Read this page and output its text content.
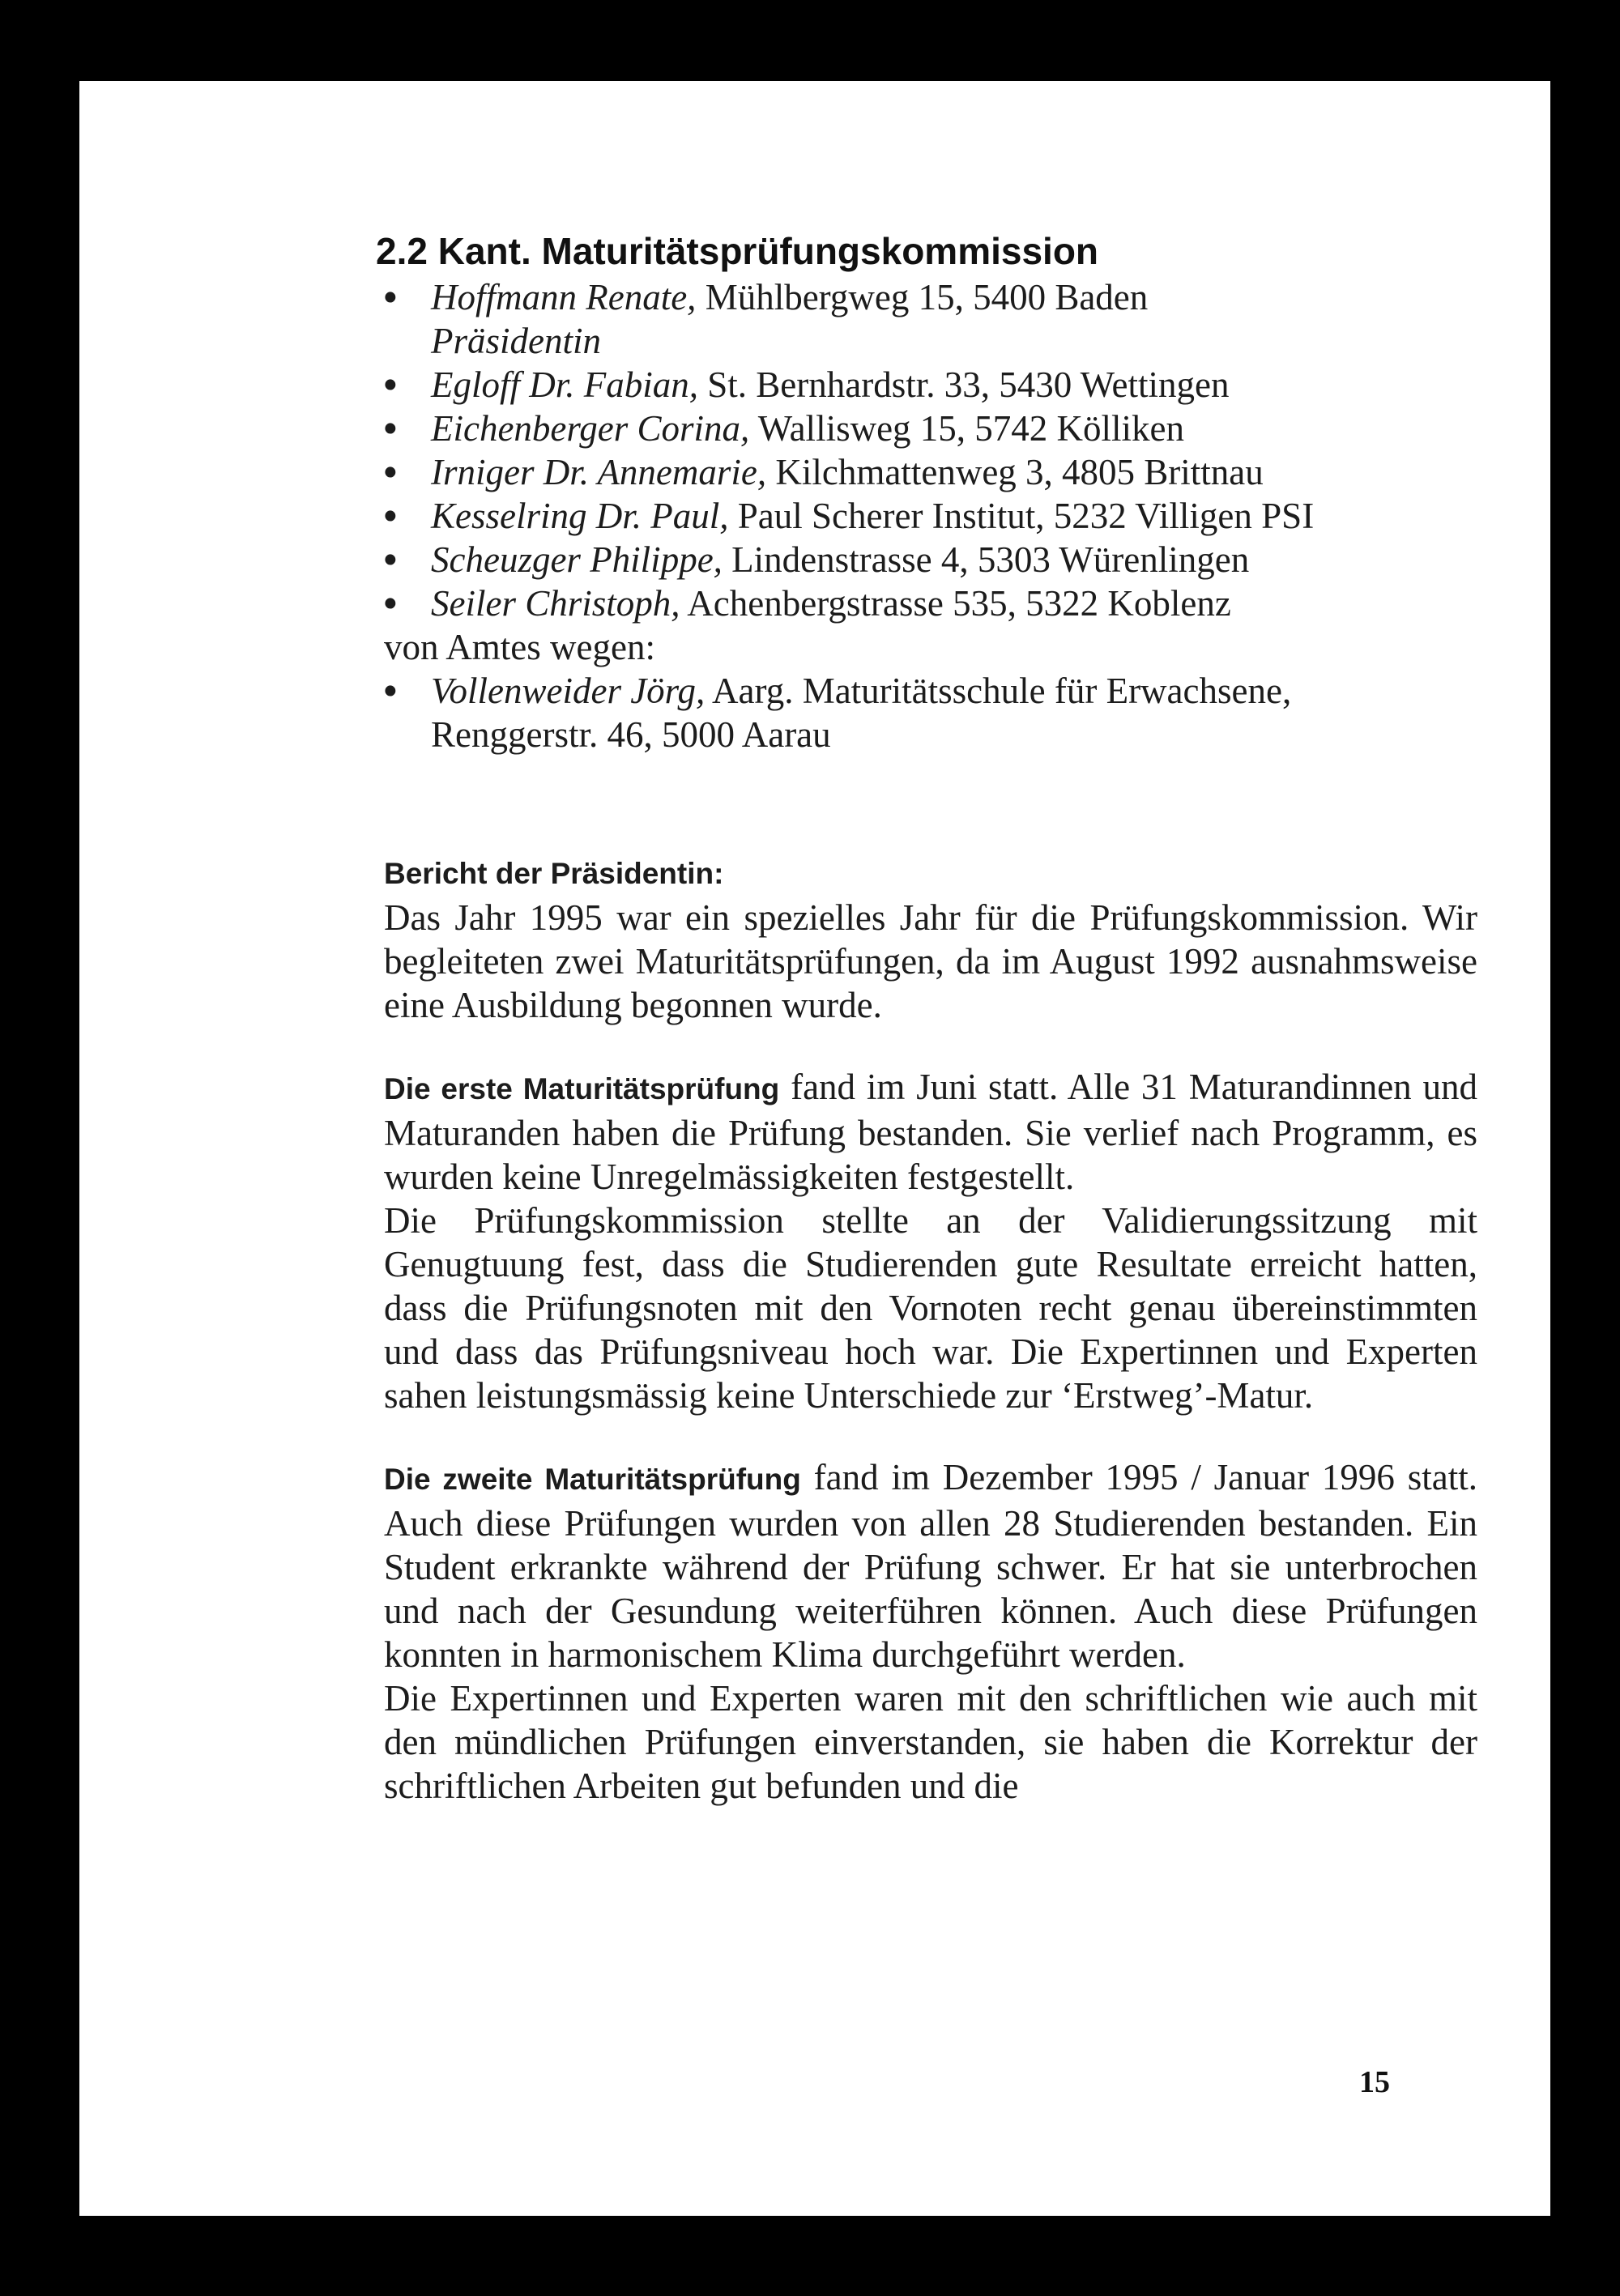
2.2 Kant. Maturitätsprüfungskommission
• Hoffmann Renate, Mühlbergweg 15, 5400 Baden
Präsidentin
• Egloff Dr. Fabian, St. Bernhardstr. 33, 5430 Wettingen
• Eichenberger Corina, Wallisweg 15, 5742 Kölliken
• Irniger Dr. Annemarie, Kilchmattenweg 3, 4805 Brittnau
• Kesselring Dr. Paul, Paul Scherer Institut, 5232 Villigen PSI
• Scheuzger Philippe, Lindenstrasse 4, 5303 Würenlingen
• Seiler Christoph, Achenbergstrasse 535, 5322 Koblenz
von Amtes wegen:
• Vollenweider Jörg, Aarg. Maturitätsschule für Erwachsene,
Renggerstr. 46, 5000 Aarau
Bericht der Präsidentin:

Das Jahr 1995 war ein spezielles Jahr für die Prüfungskommission. Wir begleiteten zwei Maturitätsprüfungen, da im August 1992 ausnahmsweise eine Ausbildung begonnen wurde.

Die erste Maturitätsprüfung fand im Juni statt. Alle 31 Maturandinnen und Maturanden haben die Prüfung bestanden. Sie verlief nach Programm, es wurden keine Unregelmässigkeiten festgestellt.

Die Prüfungskommission stellte an der Validierungssitzung mit Genugtuung fest, dass die Studierenden gute Resultate erreicht hatten, dass die Prüfungsnoten mit den Vornoten recht genau übereinstimmten und dass das Prüfungsniveau hoch war. Die Expertinnen und Experten sahen leistungsmässig keine Unterschiede zur ‘Erstweg’-Matur.

Die zweite Maturitätsprüfung fand im Dezember 1995 / Januar 1996 statt. Auch diese Prüfungen wurden von allen 28 Studierenden bestanden. Ein Student erkrankte während der Prüfung schwer. Er hat sie unterbrochen und nach der Gesundung weiterführen können. Auch diese Prüfungen konnten in harmonischem Klima durchgeführt werden.

Die Expertinnen und Experten waren mit den schriftlichen wie auch mit den mündlichen Prüfungen einverstanden, sie haben die Korrektur der schriftlichen Arbeiten gut befunden und die

15
